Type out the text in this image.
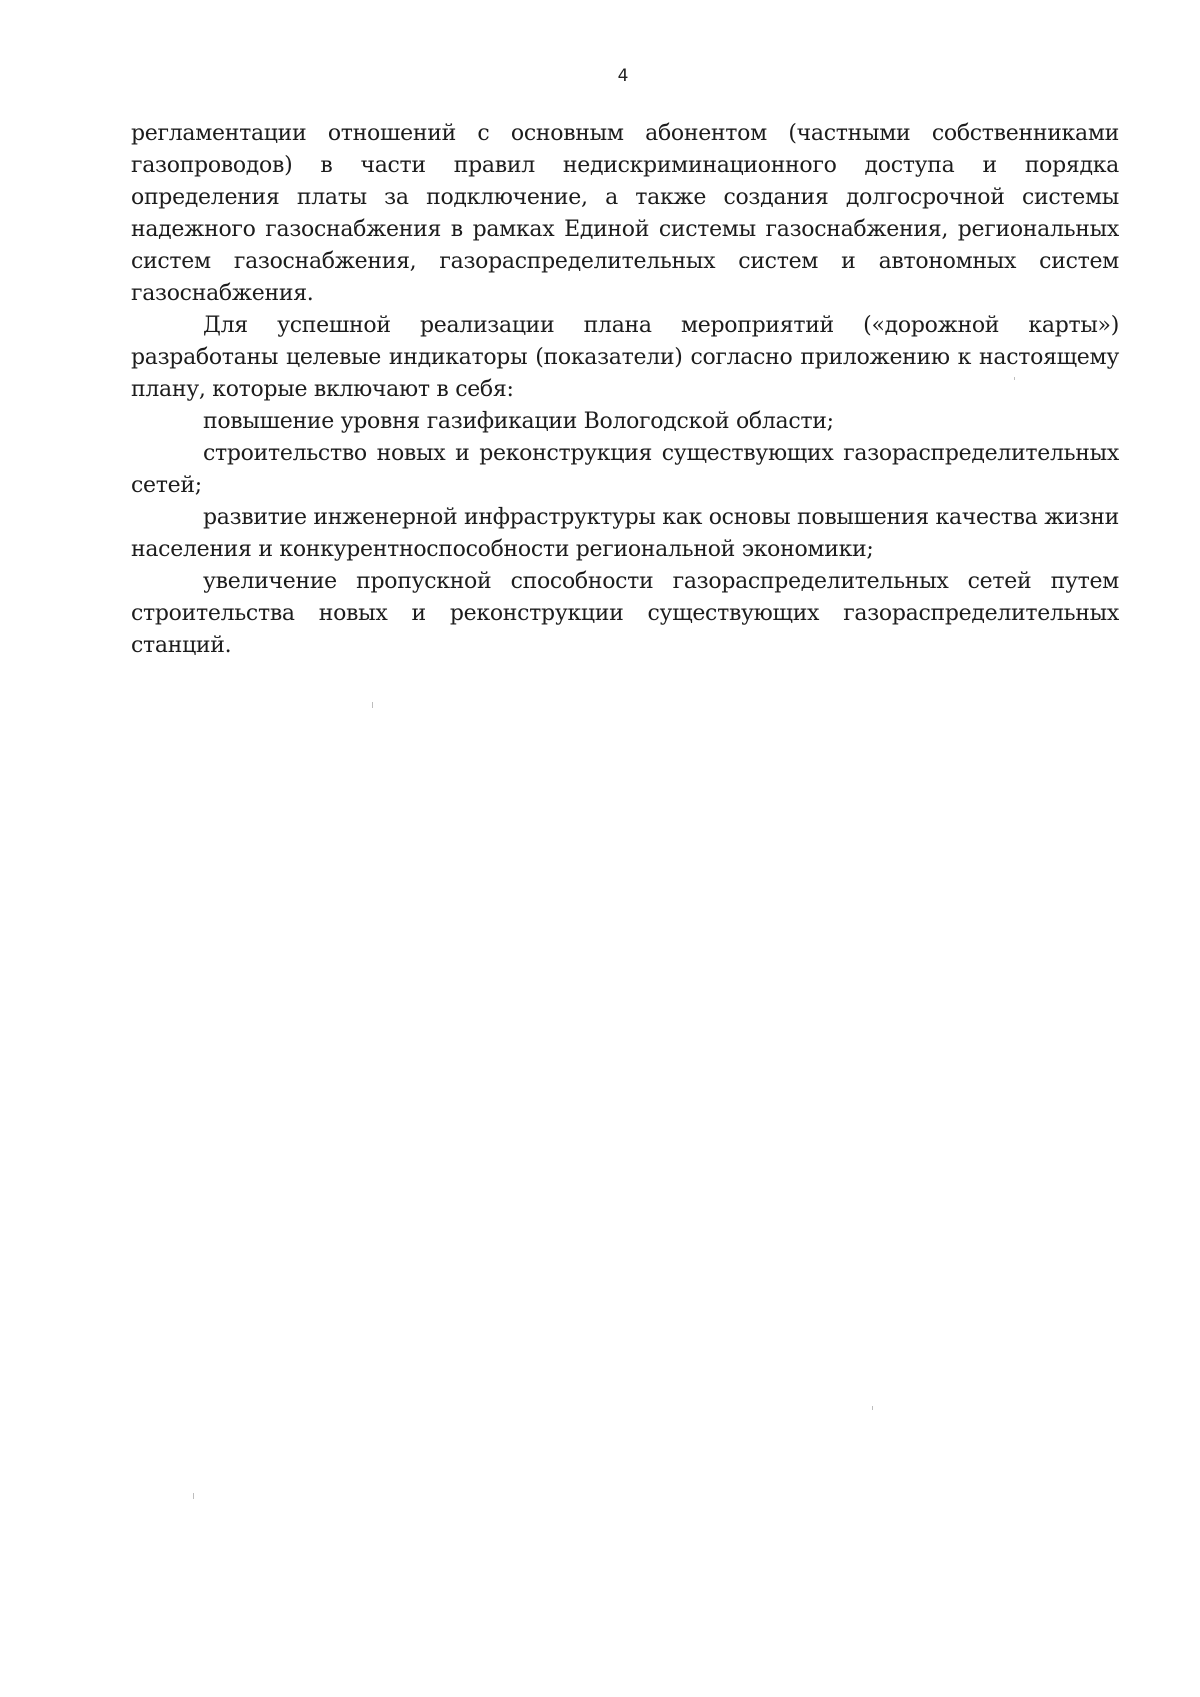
4

регламентации отношений с основным абонентом (частными собственниками газопроводов) в части правил недискриминационного доступа и порядка определения платы за подключение, а также создания долгосрочной системы надежного газоснабжения в рамках Единой системы газоснабжения, региональных систем газоснабжения, газораспределительных систем и автономных систем газоснабжения.

Для успешной реализации плана мероприятий («дорожной карты») разработаны целевые индикаторы (показатели) согласно приложению к настоящему плану, которые включают в себя:

повышение уровня газификации Вологодской области;

строительство новых и реконструкция существующих газораспределительных сетей;

развитие инженерной инфраструктуры как основы повышения качества жизни населения и конкурентноспособности региональной экономики;

увеличение пропускной способности газораспределительных сетей путем строительства новых и реконструкции существующих газораспределительных станций.
